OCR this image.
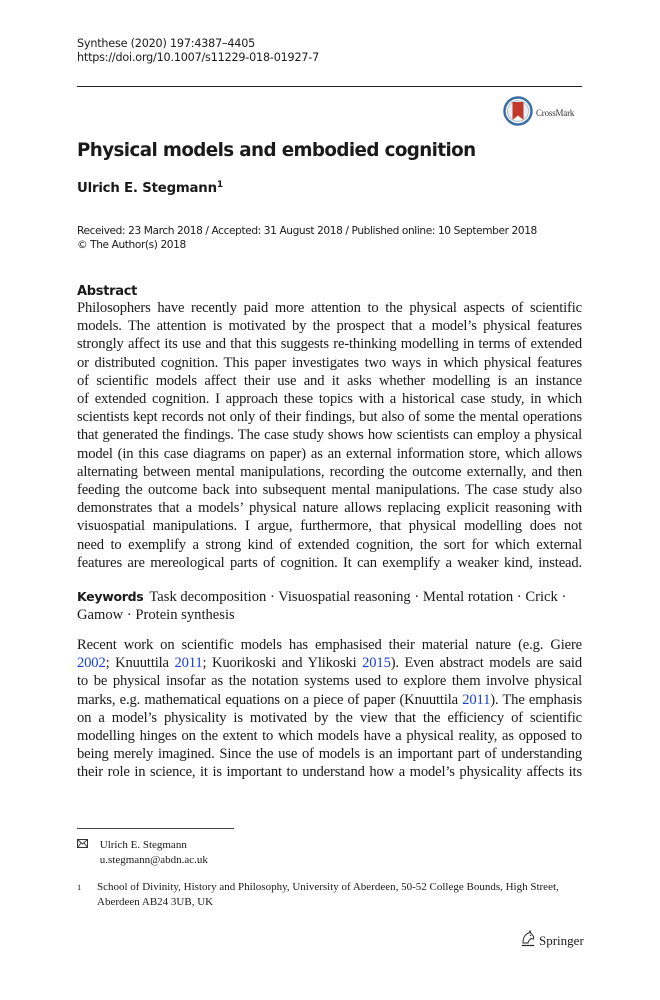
Synthese (2020) 197:4387–4405
https://doi.org/10.1007/s11229-018-01927-7
CrossMark
Physical models and embodied cognition
Ulrich E. Stegmann$^1$
Received: 23 March 2018 / Accepted: 31 August 2018 / Published online: 10 September 2018
© The Author(s) 2018
Abstract
Philosophers have recently paid more attention to the physical aspects of scientific
models. The attention is motivated by the prospect that a model’s physical features
strongly affect its use and that this suggests re-thinking modelling in terms of extended
or distributed cognition. This paper investigates two ways in which physical features
of scientific models affect their use and it asks whether modelling is an instance
of extended cognition. I approach these topics with a historical case study, in which
scientists kept records not only of their findings, but also of some the mental operations
that generated the findings. The case study shows how scientists can employ a physical
model (in this case diagrams on paper) as an external information store, which allows
alternating between mental manipulations, recording the outcome externally, and then
feeding the outcome back into subsequent mental manipulations. The case study also
demonstrates that a models’ physical nature allows replacing explicit reasoning with
visuospatial manipulations. I argue, furthermore, that physical modelling does not
need to exemplify a strong kind of extended cognition, the sort for which external
features are mereological parts of cognition. It can exemplify a weaker kind, instead.
Keywords Task decomposition · Visuospatial reasoning · Mental rotation · Crick ·
Gamow · Protein synthesis
Recent work on scientific models has emphasised their material nature (e.g. Giere
2002; Knuuttila 2011; Kuorikoski and Ylikoski 2015). Even abstract models are said
to be physical insofar as the notation systems used to explore them involve physical
marks, e.g. mathematical equations on a piece of paper (Knuuttila 2011). The emphasis
on a model’s physicality is motivated by the view that the efficiency of scientific
modelling hinges on the extent to which models have a physical reality, as opposed to
being merely imagined. Since the use of models is an important part of understanding
their role in science, it is important to understand how a model’s physicality affects its
Ulrich E. Stegmann
u.stegmann@abdn.ac.uk
1 School of Divinity, History and Philosophy, University of Aberdeen, 50-52 College Bounds, High Street, Aberdeen AB24 3UB, UK
Springer
